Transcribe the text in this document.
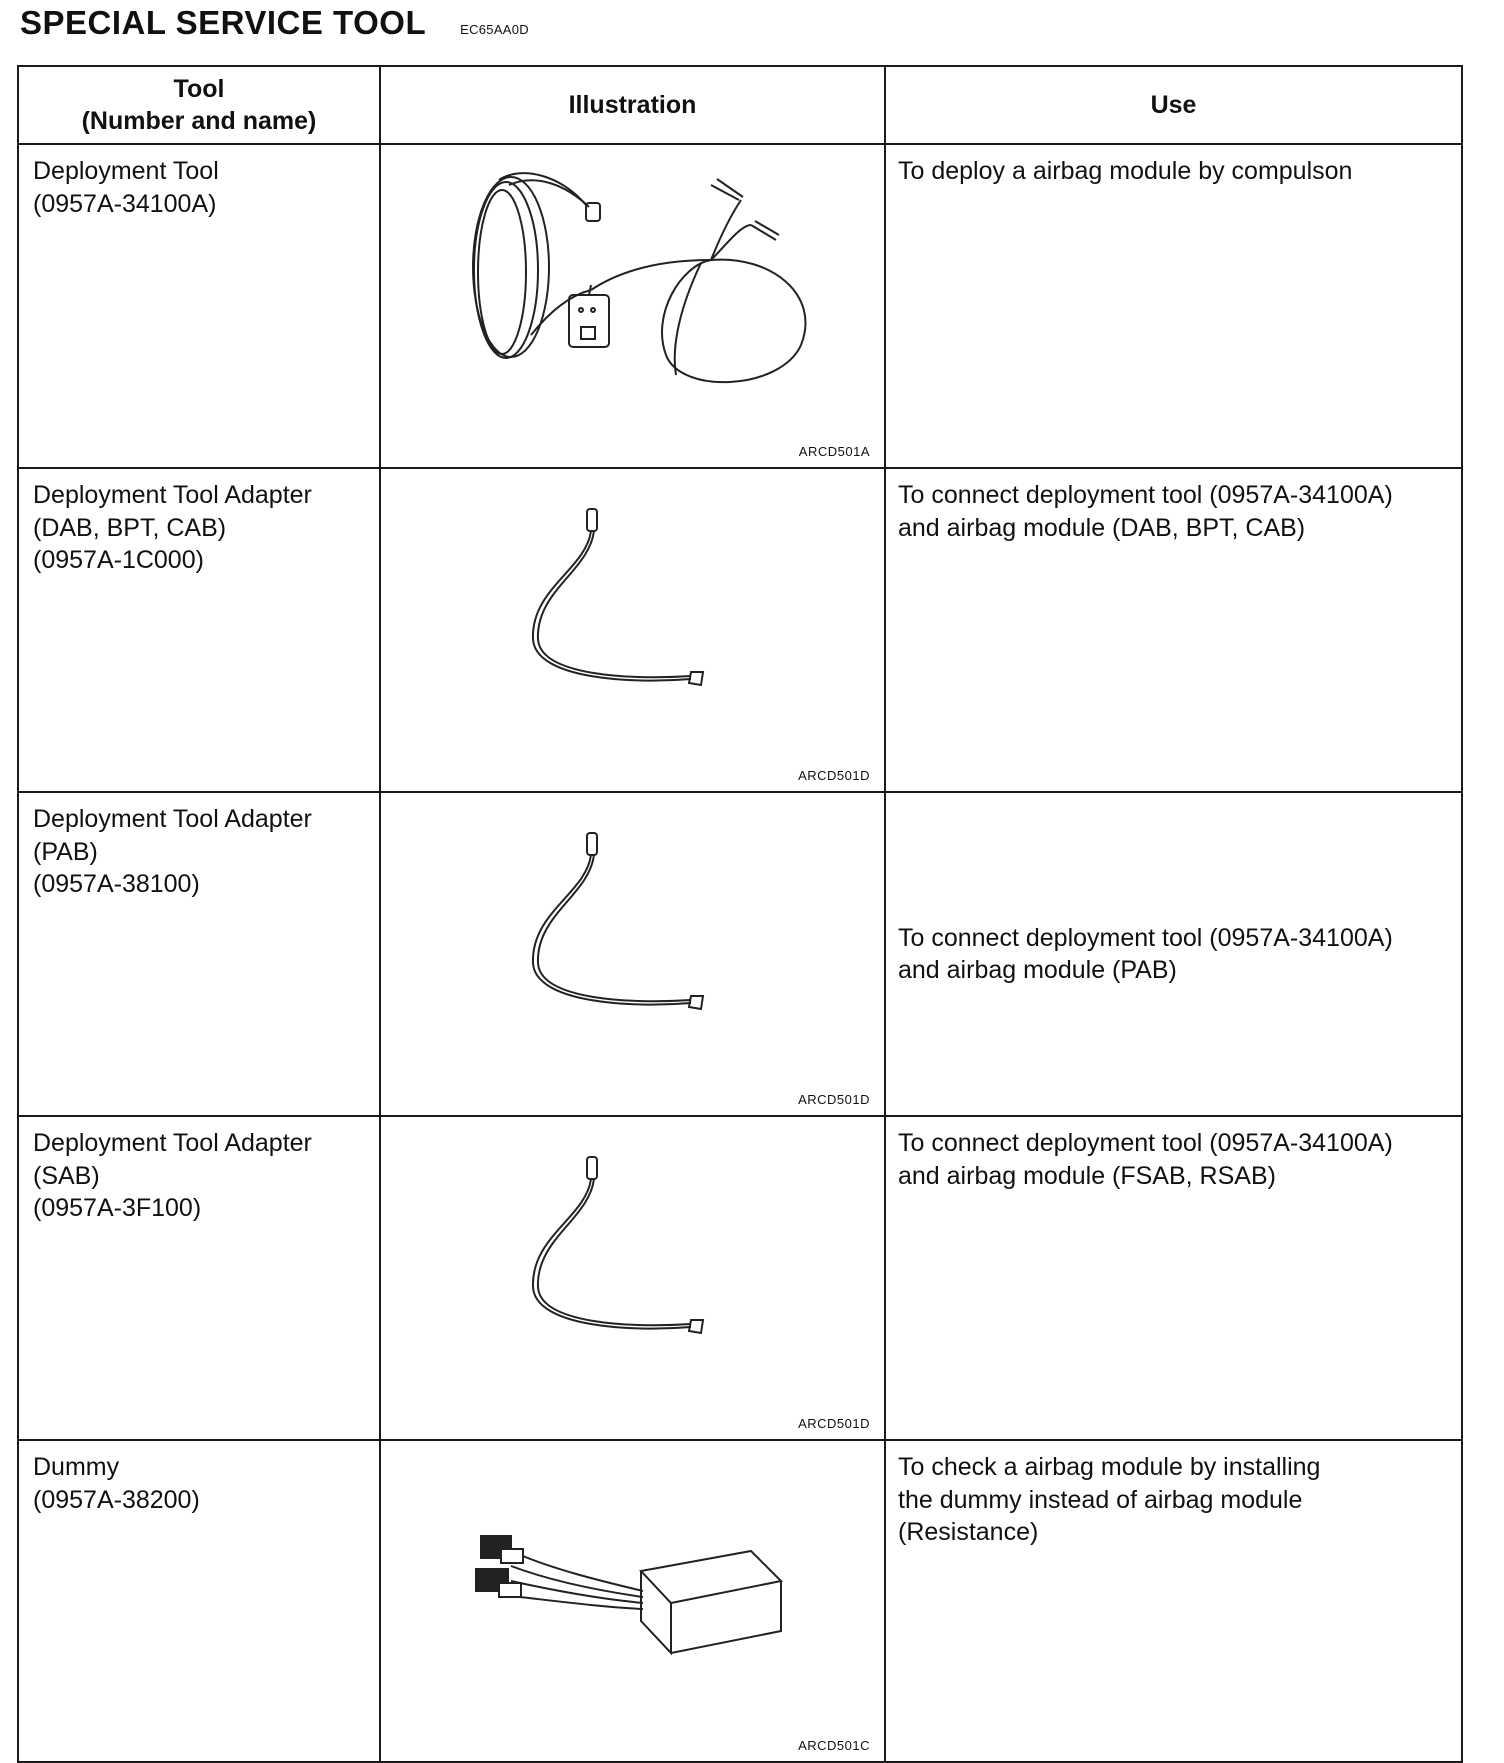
SPECIAL SERVICE TOOL	EC65AA0D
Tool
(Number and name)	Illustration	Use

Deployment Tool
(0957A-34100A)	ARCD501A	To deploy a airbag module by compulson

Deployment Tool Adapter
(DAB, BPT, CAB)
(0957A-1C000)	ARCD501D	To connect deployment tool (0957A-34100A)
and airbag module (DAB, BPT, CAB)

Deployment Tool Adapter
(PAB)
(0957A-38100)	ARCD501D	To connect deployment tool (0957A-34100A)
and airbag module (PAB)

Deployment Tool Adapter
(SAB)
(0957A-3F100)	ARCD501D	To connect deployment tool (0957A-34100A)
and airbag module (FSAB, RSAB)

Dummy
(0957A-38200)	ARCD501C	To check a airbag module by installing
the dummy instead of airbag module
(Resistance)
